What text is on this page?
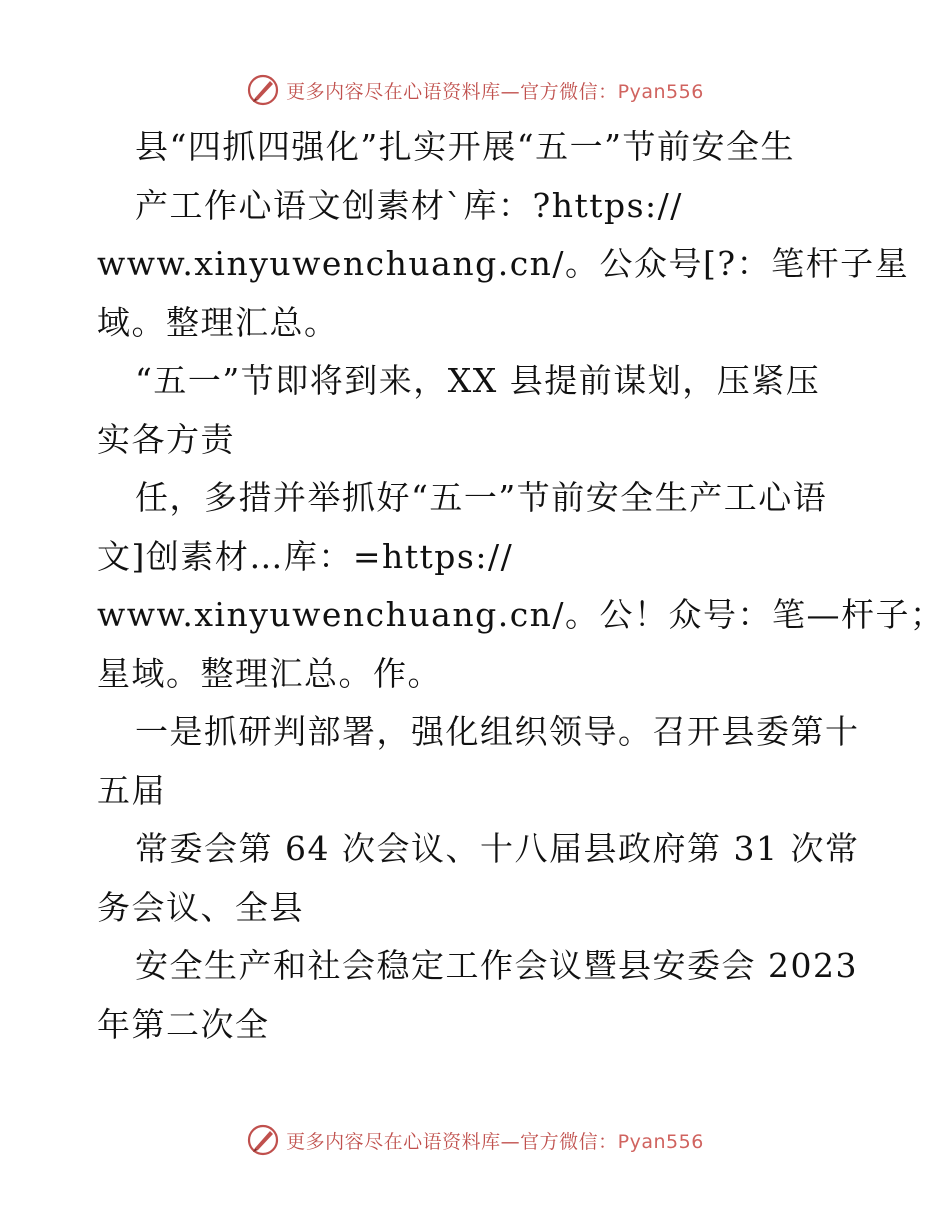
更多内容尽在心语资料库—官方微信：Pyan556
县“四抓四强化”扎实开展“五一”节前安全生
产工作心语文创素材`库：?https://
www.xinyuwenchuang.cn/。公众号[?：笔杆子星
域。整理汇总。
“五一”节即将到来，XX 县提前谋划，压紧压
实各方责
任，多措并举抓好“五一”节前安全生产工心语
文]创素材…库：=https://
www.xinyuwenchuang.cn/。公！众号：笔—杆子；
星域。整理汇总。作。
一是抓研判部署，强化组织领导。召开县委第十
五届
常委会第 64 次会议、十八届县政府第 31 次常
务会议、全县
安全生产和社会稳定工作会议暨县安委会 2023
年第二次全
更多内容尽在心语资料库—官方微信：Pyan556
